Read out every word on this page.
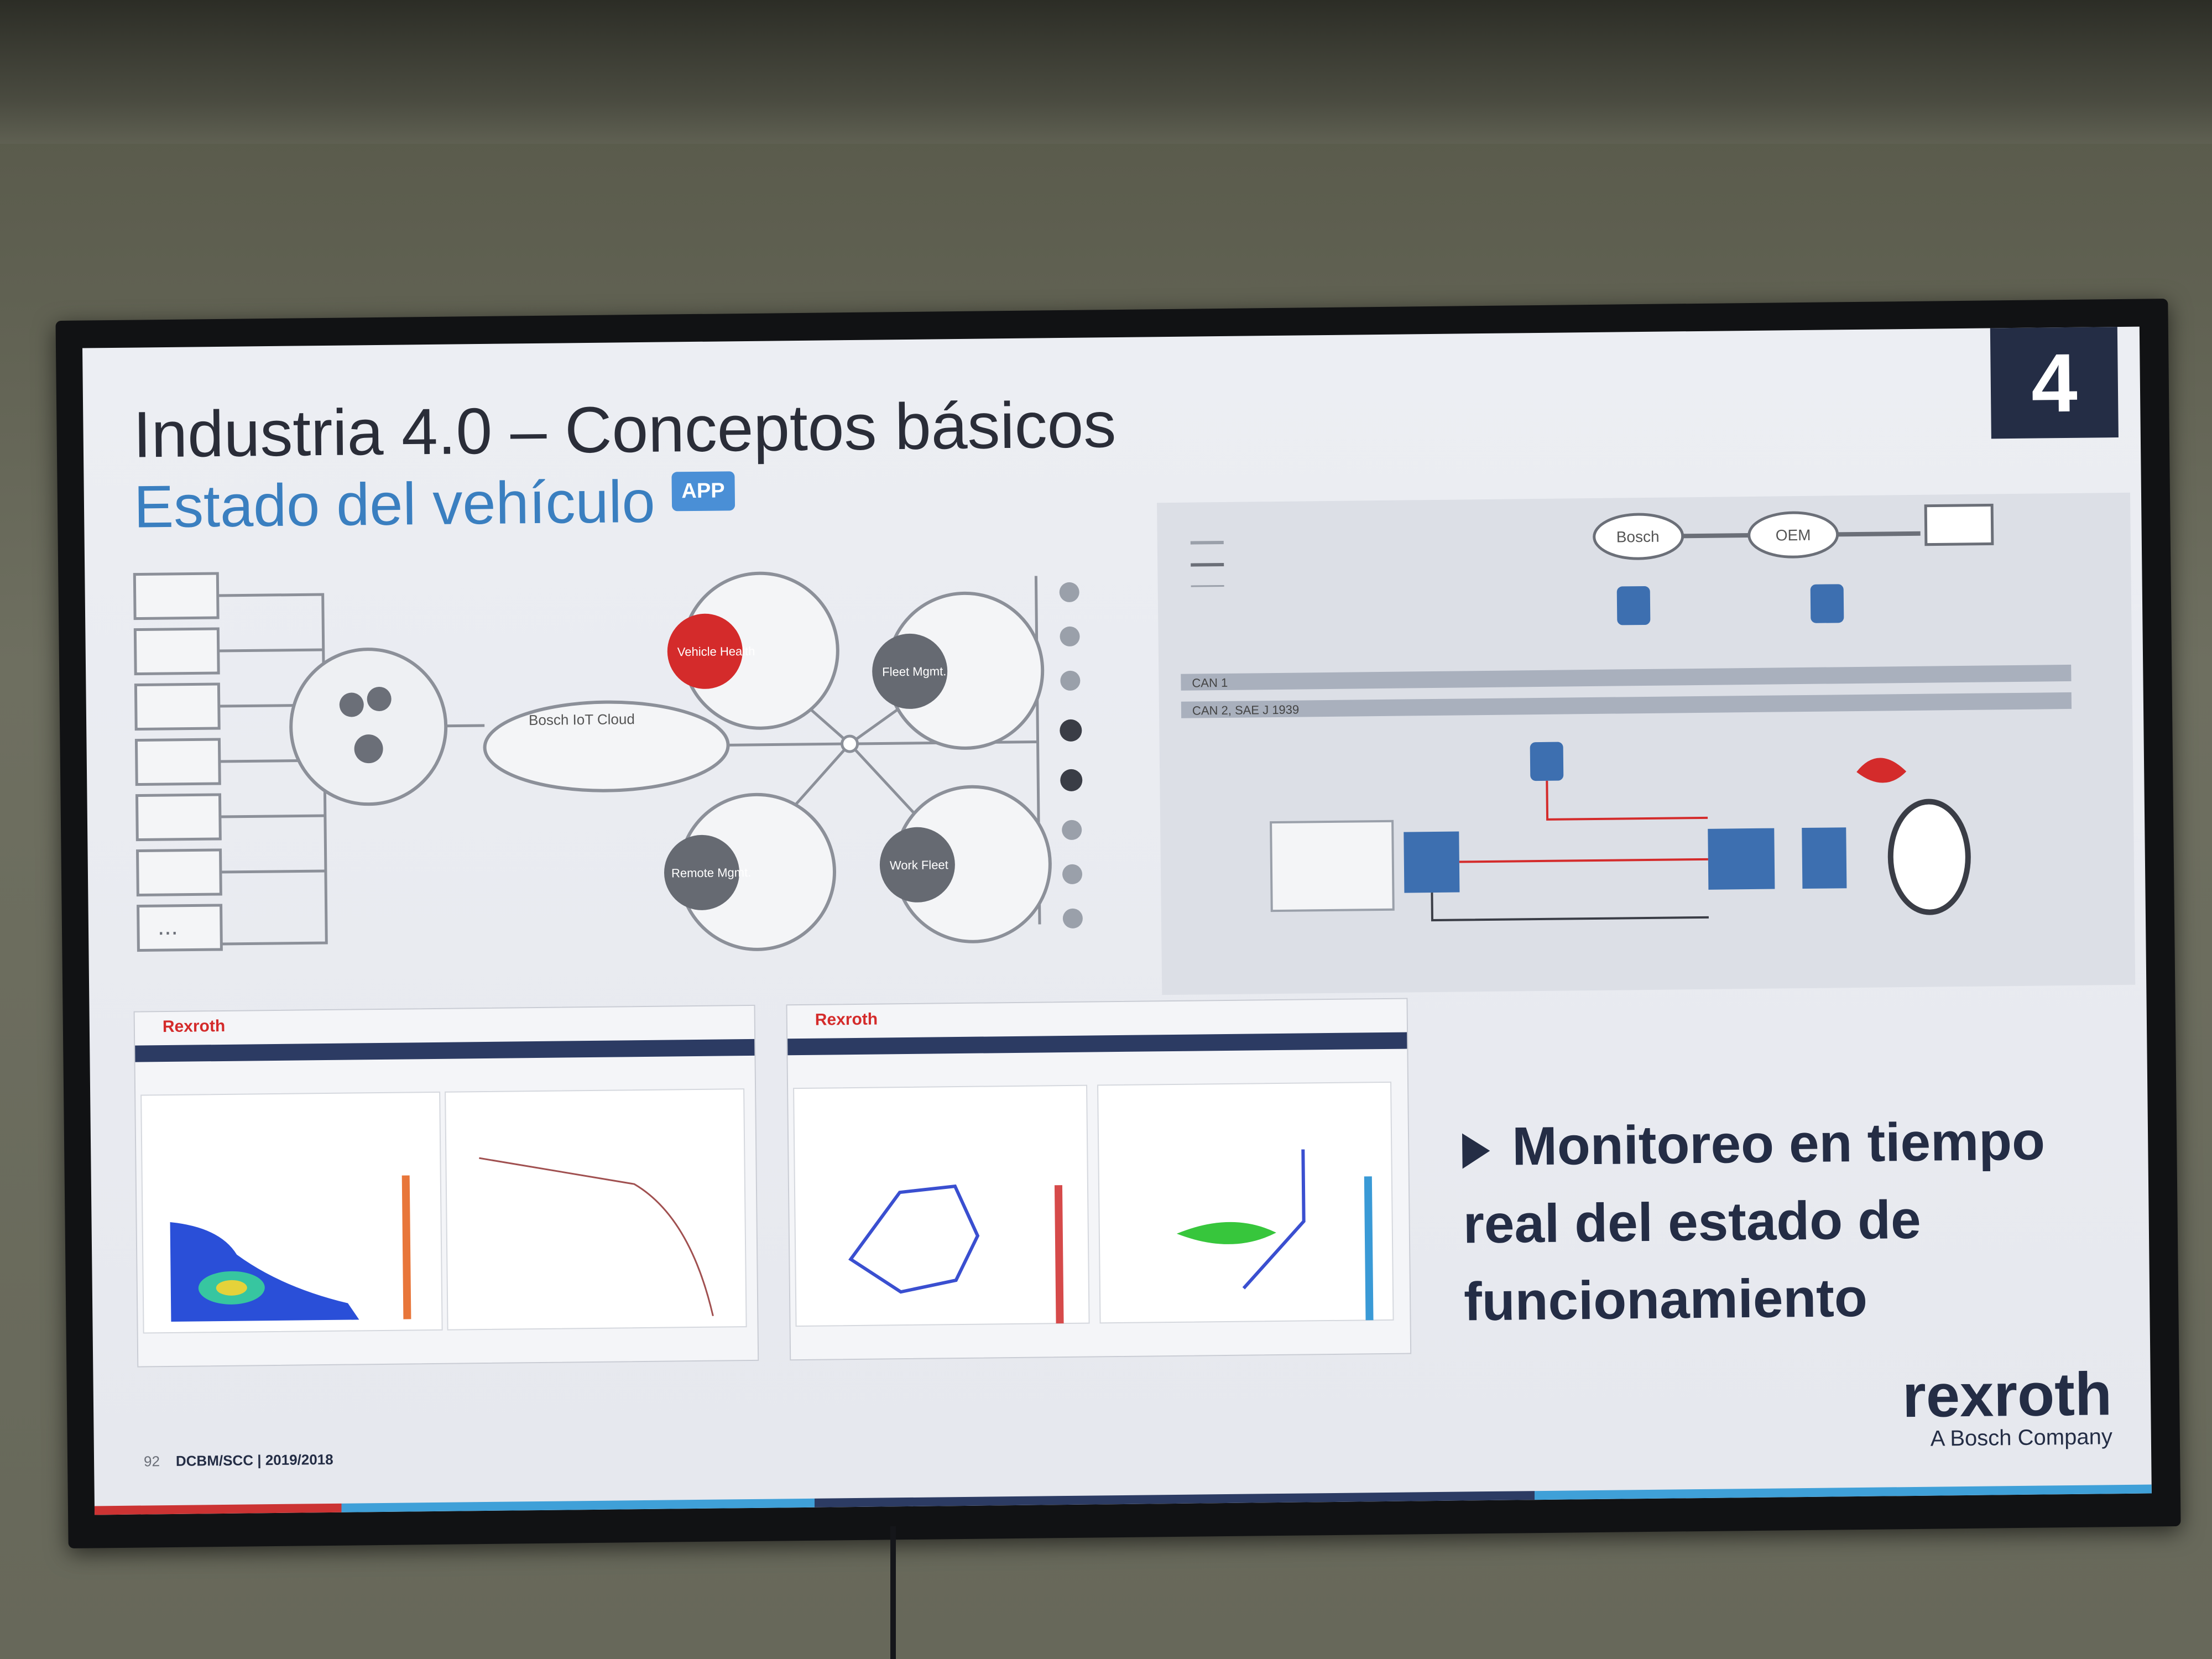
4
Industria 4.0 – Conceptos básicos
Estado del vehículo APP
...
Bosch IoT Cloud
Vehicle Health
Fleet Mgmt.
Remote Mgmt.
Work Fleet
Bosch	OEM
CAN 1
CAN 2, SAE J 1939
Rexroth	Rexroth
Monitoreo en tiempo real del estado de funcionamiento
92 DCBM/SCC | 2019/2018
rexroth
A Bosch Company
